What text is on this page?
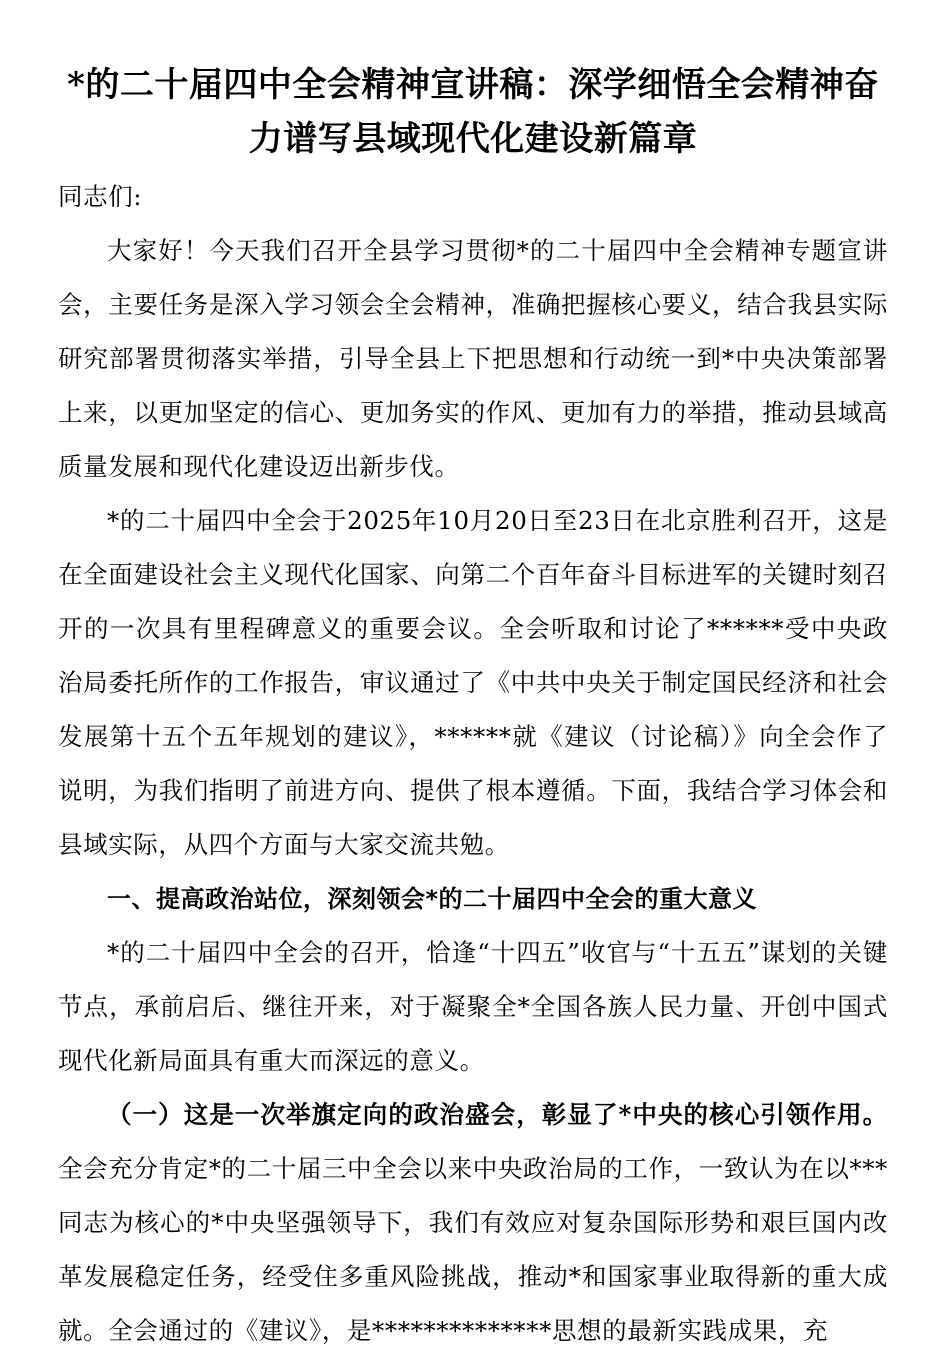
*的二十届四中全会精神宣讲稿：深学细悟全会精神奋
力谱写县域现代化建设新篇章

同志们:

大家好！今天我们召开全县学习贯彻*的二十届四中全会精神专题宣讲会，主要任务是深入学习领会全会精神，准确把握核心要义，结合我县实际研究部署贯彻落实举措，引导全县上下把思想和行动统一到*中央决策部署上来，以更加坚定的信心、更加务实的作风、更加有力的举措，推动县域高质量发展和现代化建设迈出新步伐。

*的二十届四中全会于2025年10月20日至23日在北京胜利召开，这是在全面建设社会主义现代化国家、向第二个百年奋斗目标进军的关键时刻召开的一次具有里程碑意义的重要会议。全会听取和讨论了******受中央政治局委托所作的工作报告，审议通过了《中共中央关于制定国民经济和社会发展第十五个五年规划的建议》，******就《建议（讨论稿）》向全会作了说明，为我们指明了前进方向、提供了根本遵循。下面，我结合学习体会和县域实际，从四个方面与大家交流共勉。

一、提高政治站位，深刻领会*的二十届四中全会的重大意义

*的二十届四中全会的召开，恰逢“十四五”收官与“十五五”谋划的关键节点，承前启后、继往开来，对于凝聚全*全国各族人民力量、开创中国式现代化新局面具有重大而深远的意义。

（一）这是一次举旗定向的政治盛会，彰显了*中央的核心引领作用。全会充分肯定*的二十届三中全会以来中央政治局的工作，一致认为在以***同志为核心的*中央坚强领导下，我们有效应对复杂国际形势和艰巨国内改革发展稳定任务，经受住多重风险挑战，推动*和国家事业取得新的重大成就。全会通过的《建议》，是**************思想的最新实践成果，充
